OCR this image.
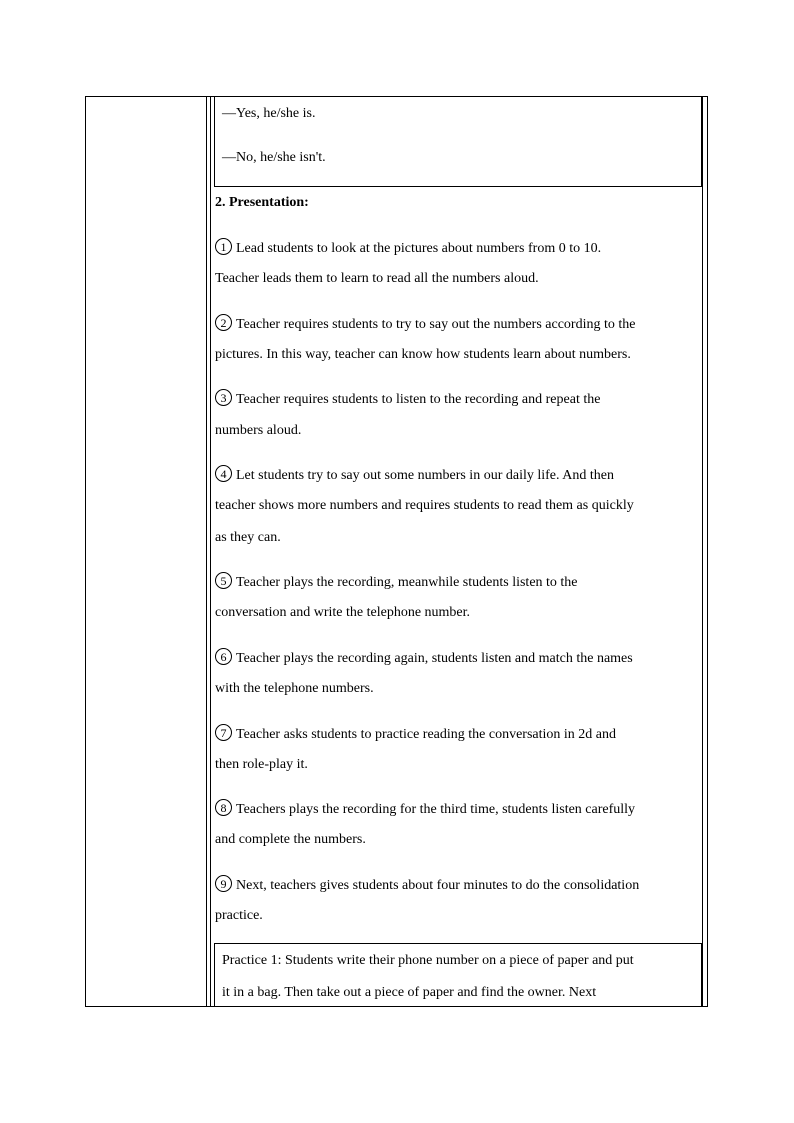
—Yes, he/she is.
—No, he/she isn't.
2. Presentation:
1 Lead students to look at the pictures about numbers from 0 to 10.
Teacher leads them to learn to read all the numbers aloud.
2 Teacher requires students to try to say out the numbers according to the
pictures. In this way, teacher can know how students learn about numbers.
3 Teacher requires students to listen to the recording and repeat the
numbers aloud.
4 Let students try to say out some numbers in our daily life. And then
teacher shows more numbers and requires students to read them as quickly
as they can.
5 Teacher plays the recording, meanwhile students listen to the
conversation and write the telephone number.
6 Teacher plays the recording again, students listen and match the names
with the telephone numbers.
7 Teacher asks students to practice reading the conversation in 2d and
then role-play it.
8 Teachers plays the recording for the third time, students listen carefully
and complete the numbers.
9 Next, teachers gives students about four minutes to do the consolidation
practice.
Practice 1: Students write their phone number on a piece of paper and put
it in a bag. Then take out a piece of paper and find the owner. Next
